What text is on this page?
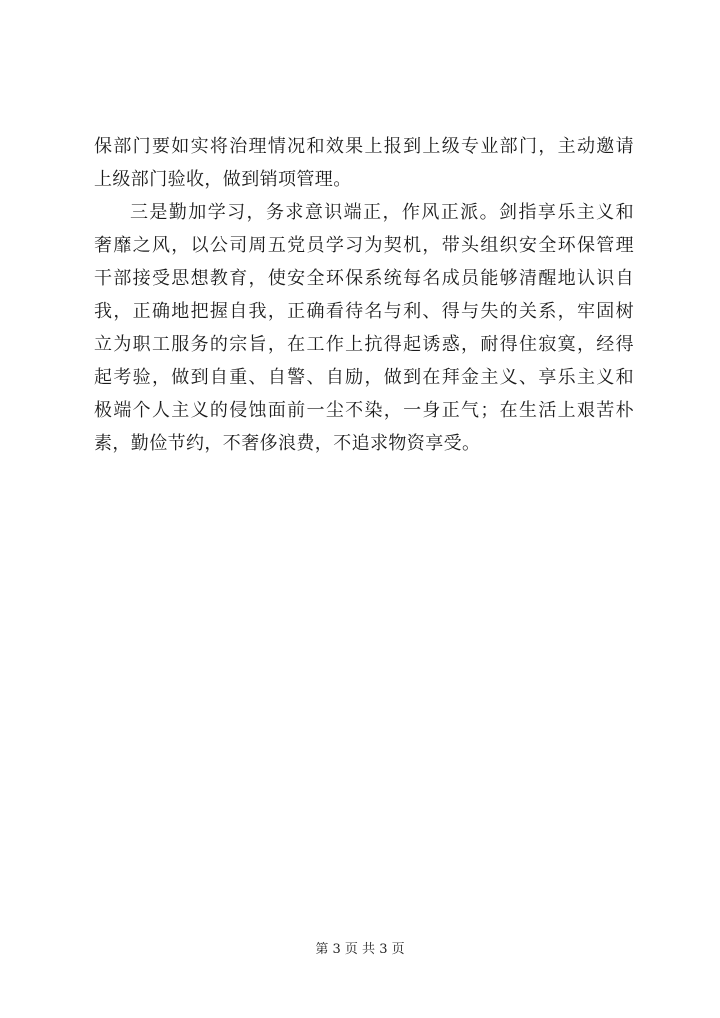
保部门要如实将治理情况和效果上报到上级专业部门，主动邀请
上级部门验收，做到销项管理。
三是勤加学习，务求意识端正，作风正派。剑指享乐主义和
奢靡之风，以公司周五党员学习为契机，带头组织安全环保管理
干部接受思想教育，使安全环保系统每名成员能够清醒地认识自
我，正确地把握自我，正确看待名与利、得与失的关系，牢固树
立为职工服务的宗旨，在工作上抗得起诱惑，耐得住寂寞，经得
起考验，做到自重、自警、自励，做到在拜金主义、享乐主义和
极端个人主义的侵蚀面前一尘不染，一身正气；在生活上艰苦朴
素，勤俭节约，不奢侈浪费，不追求物资享受。
第 3 页 共 3 页
